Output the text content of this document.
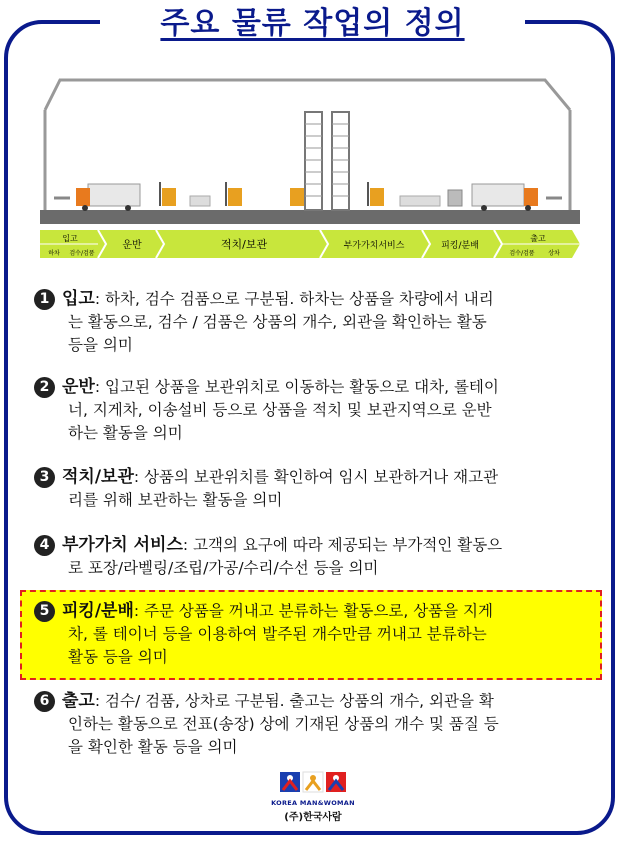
주요 물류 작업의 정의
입고
하차 검수/검품
운반	적치/보관	부가가치서비스	피킹/분배
출고
검수/검품 상차
1 입고: 하차, 검수 검품으로 구분됨. 하차는 상품을 차량에서 내리
는 활동으로, 검수 / 검품은 상품의 개수, 외관을 확인하는 활동
등을 의미
2 운반: 입고된 상품을 보관위치로 이동하는 활동으로 대차, 롤테이
너, 지게차, 이송설비 등으로 상품을 적치 및 보관지역으로 운반
하는 활동을 의미
3 적치/보관: 상품의 보관위치를 확인하여 임시 보관하거나 재고관
리를 위해 보관하는 활동을 의미
4 부가가치 서비스: 고객의 요구에 따라 제공되는 부가적인 활동으
로 포장/라벨링/조립/가공/수리/수선 등을 의미
5 피킹/분배: 주문 상품을 꺼내고 분류하는 활동으로, 상품을 지게
차, 롤 테이너 등을 이용하여 발주된 개수만큼 꺼내고 분류하는
활동 등을 의미
6 출고: 검수/ 검품, 상차로 구분됨. 출고는 상품의 개수, 외관을 확
인하는 활동으로 전표(송장) 상에 기재된 상품의 개수 및 품질 등
을 확인한 활동 등을 의미
KOREA MAN&WOMAN
(주)한국사람
